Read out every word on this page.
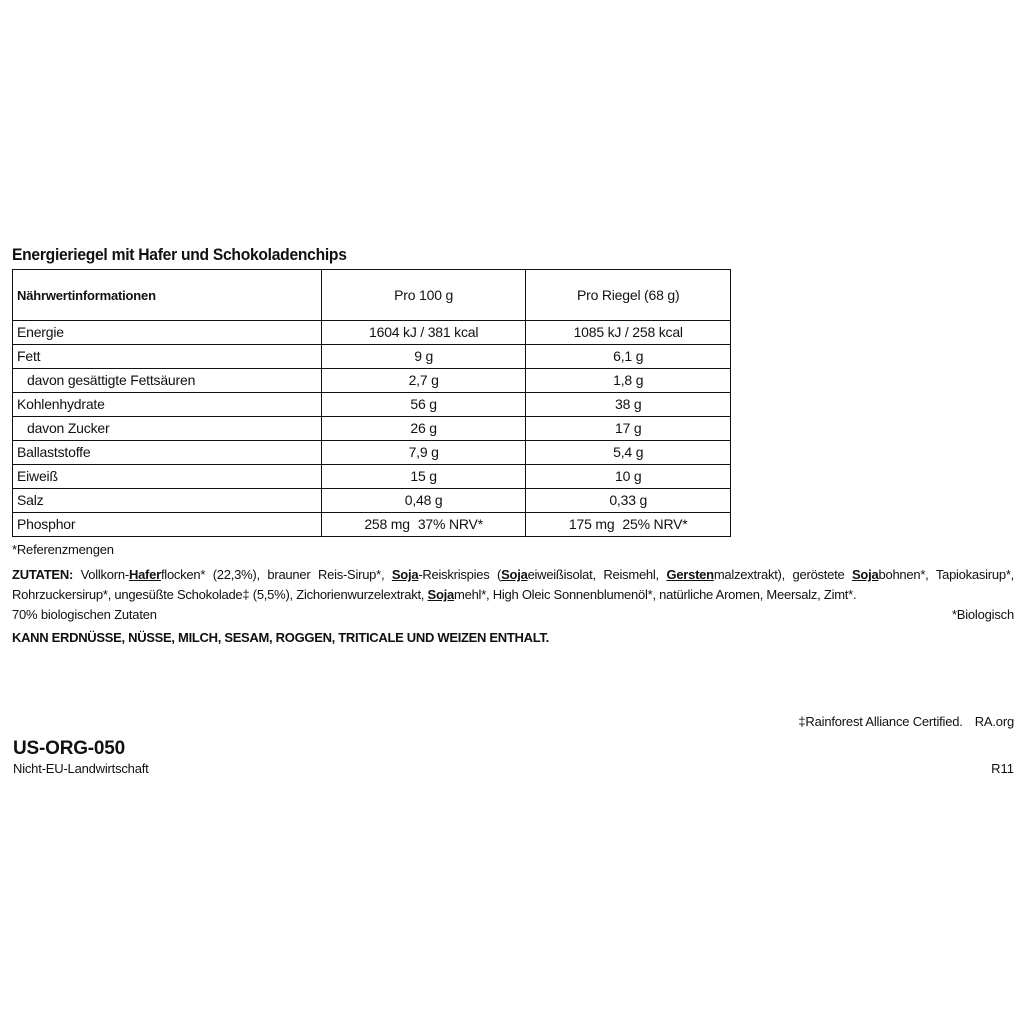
Energieriegel mit Hafer und Schokoladenchips
Nährwertinformationen	Pro 100 g	Pro Riegel (68 g)
Energie	1604 kJ / 381 kcal	1085 kJ / 258 kcal
Fett	9 g	6,1 g
davon gesättigte Fettsäuren	2,7 g	1,8 g
Kohlenhydrate	56 g	38 g
davon Zucker	26 g	17 g
Ballaststoffe	7,9 g	5,4 g
Eiweiß	15 g	10 g
Salz	0,48 g	0,33 g
Phosphor	258 mg 37% NRV*	175 mg 25% NRV*
*Referenzmengen
ZUTATEN: Vollkorn-Haferflocken* (22,3%), brauner Reis-Sirup*, Soja-Reiskrispies (Sojaeiweißisolat, Reismehl, Gerstenmalzextrakt), geröstete Sojabohnen*, Tapiokasirup*, Rohrzuckersirup*, ungesüßte Schokolade‡ (5,5%), Zichorienwurzelextrakt, Sojamehl*, High Oleic Sonnenblumenöl*, natürliche Aromen, Meersalz, Zimt*.
70% biologischen Zutaten	*Biologisch
KANN ERDNÜSSE, NÜSSE, MILCH, SESAM, ROGGEN, TRITICALE UND WEIZEN ENTHALT.
‡Rainforest Alliance Certified. RA.org
US-ORG-050
Nicht-EU-Landwirtschaft	R11
